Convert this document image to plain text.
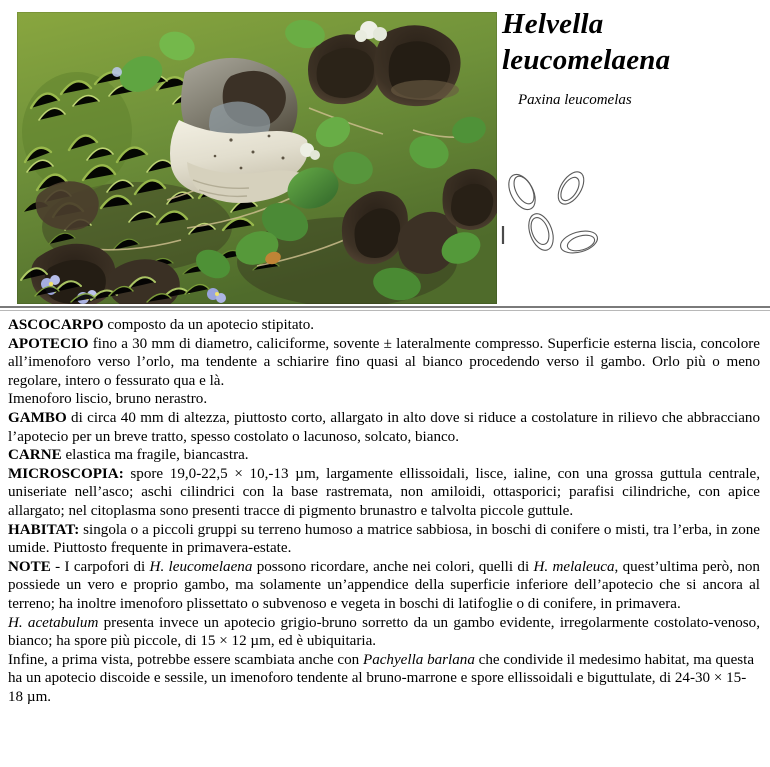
Helvella
leucomelaena
Paxina leucomelas

ASCOCARPO composto da un apotecio stipitato.

APOTECIO fino a 30 mm di diametro, caliciforme, sovente ± lateralmente compresso. Superficie esterna liscia, concolore all’imenoforo verso l’orlo, ma tendente a schiarire fino quasi al bianco procedendo verso il gambo. Orlo più o meno regolare, intero o fessurato qua e là.

Imenoforo liscio, bruno nerastro.

GAMBO di circa 40 mm di altezza, piuttosto corto, allargato in alto dove si riduce a costolature in rilievo che abbracciano l’apotecio per un breve tratto, spesso costolato o lacunoso, solcato, bianco.

CARNE elastica ma fragile, biancastra.

MICROSCOPIA: spore 19,0-22,5 × 10,-13 µm, largamente ellissoidali, lisce, ialine, con una grossa guttula centrale, uniseriate nell’asco; aschi cilindrici con la base rastremata, non amiloidi, ottasporici; parafisi cilindriche, con apice allargato; nel citoplasma sono presenti tracce di pigmento brunastro e talvolta piccole guttule.

HABITAT: singola o a piccoli gruppi su terreno humoso a matrice sabbiosa, in boschi di conifere o misti, tra l’erba, in zone umide. Piuttosto frequente in primavera-estate.

NOTE - I carpofori di H. leucomelaena possono ricordare, anche nei colori, quelli di H. melaleuca, quest’ultima però, non possiede un vero e proprio gambo, ma solamente un’appendice della superficie inferiore dell’apotecio che si ancora al terreno; ha inoltre imenoforo plissettato o subvenoso e vegeta in boschi di latifoglie o di conifere, in primavera.

H. acetabulum presenta invece un apotecio grigio-bruno sorretto da un gambo evidente, irregolarmente costolato-venoso, bianco; ha spore più piccole, di 15 × 12 µm, ed è ubiquitaria.

Infine, a prima vista, potrebbe essere scambiata anche con Pachyella barlana che condivide il medesimo habitat, ma questa ha un apotecio discoide e sessile, un imenoforo tendente al bruno-marrone e spore ellissoidali e biguttulate, di 24-30 × 15-18 µm.
